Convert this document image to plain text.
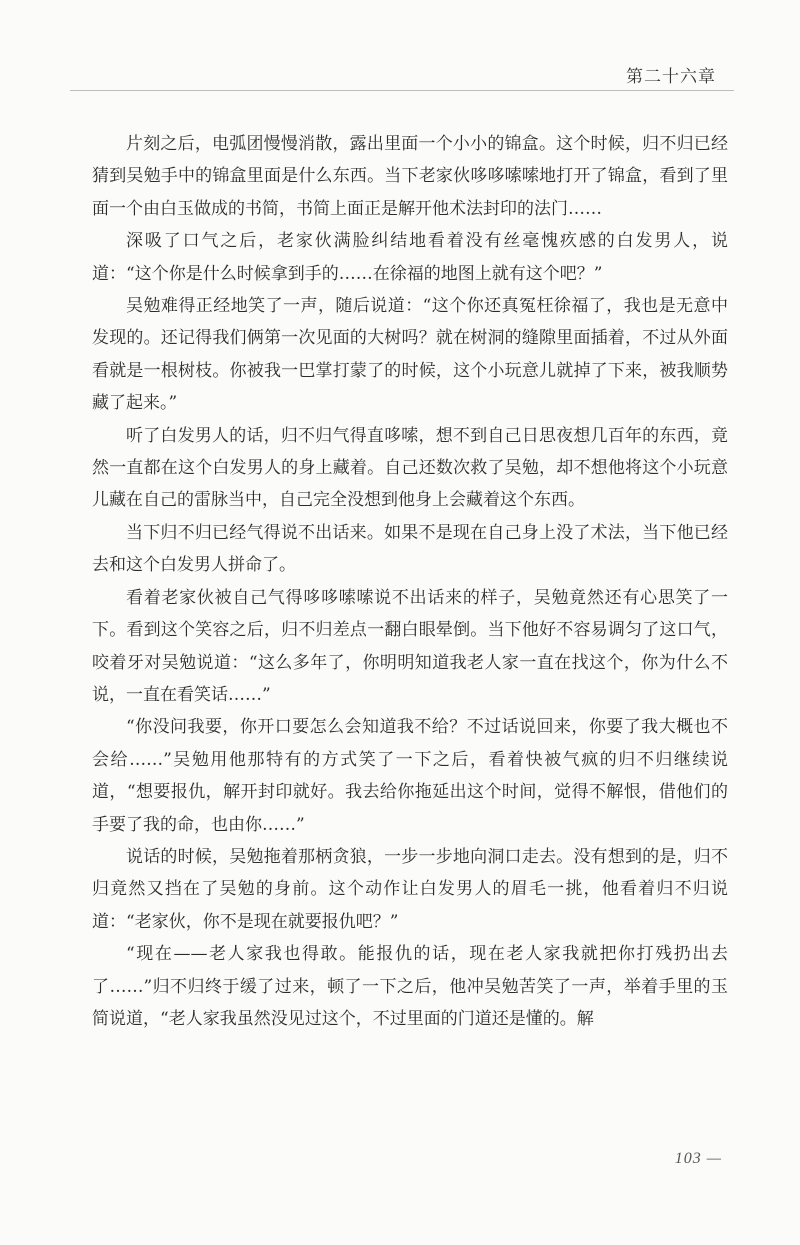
第二十六章

片刻之后，电弧团慢慢消散，露出里面一个小小的锦盒。这个时候，归不归已经猜到吴勉手中的锦盒里面是什么东西。当下老家伙哆哆嗦嗦地打开了锦盒，看到了里面一个由白玉做成的书简，书简上面正是解开他术法封印的法门……

深吸了口气之后，老家伙满脸纠结地看着没有丝毫愧疚感的白发男人，说道：“这个你是什么时候拿到手的……在徐福的地图上就有这个吧？”

吴勉难得正经地笑了一声，随后说道：“这个你还真冤枉徐福了，我也是无意中发现的。还记得我们俩第一次见面的大树吗？就在树洞的缝隙里面插着，不过从外面看就是一根树枝。你被我一巴掌打蒙了的时候，这个小玩意儿就掉了下来，被我顺势藏了起来。”

听了白发男人的话，归不归气得直哆嗦，想不到自己日思夜想几百年的东西，竟然一直都在这个白发男人的身上藏着。自己还数次救了吴勉，却不想他将这个小玩意儿藏在自己的雷脉当中，自己完全没想到他身上会藏着这个东西。

当下归不归已经气得说不出话来。如果不是现在自己身上没了术法，当下他已经去和这个白发男人拼命了。

看着老家伙被自己气得哆哆嗦嗦说不出话来的样子，吴勉竟然还有心思笑了一下。看到这个笑容之后，归不归差点一翻白眼晕倒。当下他好不容易调匀了这口气，咬着牙对吴勉说道：“这么多年了，你明明知道我老人家一直在找这个，你为什么不说，一直在看笑话……”

“你没问我要，你开口要怎么会知道我不给？不过话说回来，你要了我大概也不会给……”吴勉用他那特有的方式笑了一下之后，看着快被气疯的归不归继续说道，“想要报仇，解开封印就好。我去给你拖延出这个时间，觉得不解恨，借他们的手要了我的命，也由你……”

说话的时候，吴勉拖着那柄贪狼，一步一步地向洞口走去。没有想到的是，归不归竟然又挡在了吴勉的身前。这个动作让白发男人的眉毛一挑，他看着归不归说道：“老家伙，你不是现在就要报仇吧？”

“现在——老人家我也得敢。能报仇的话，现在老人家我就把你打残扔出去了……”归不归终于缓了过来，顿了一下之后，他冲吴勉苦笑了一声，举着手里的玉简说道，“老人家我虽然没见过这个，不过里面的门道还是懂的。解

103 —
